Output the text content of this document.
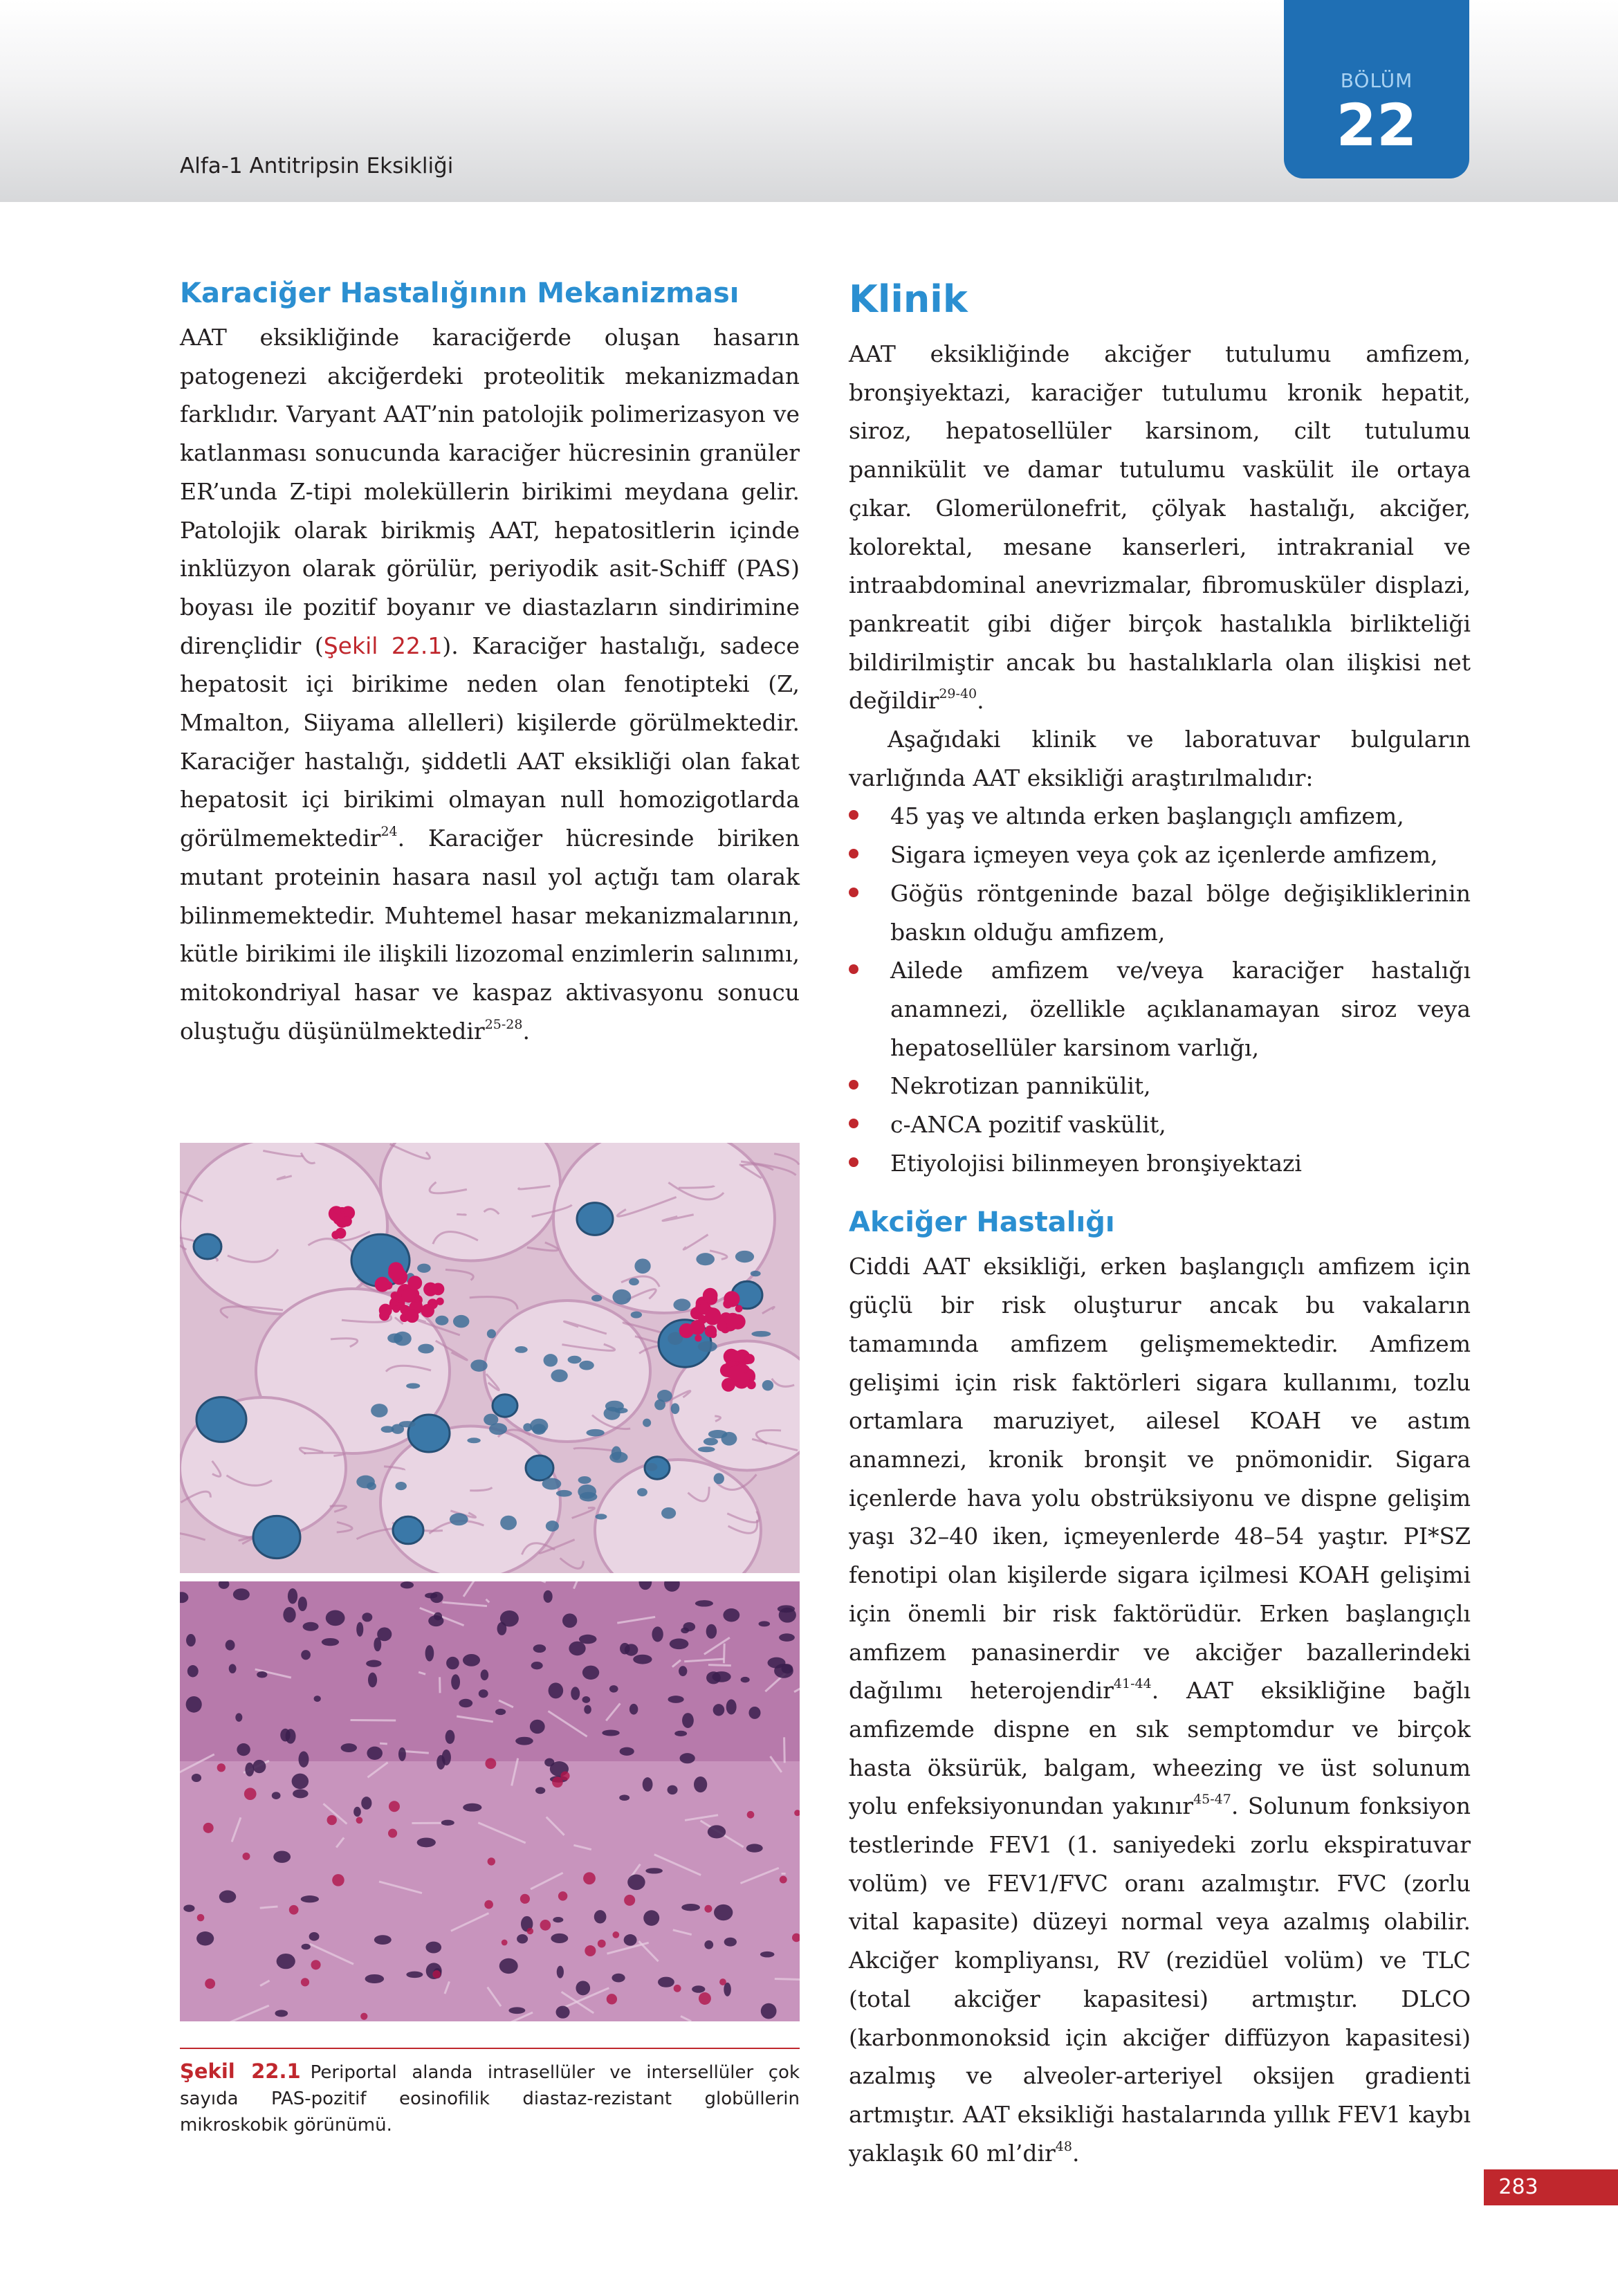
Alfa-1 Antitripsin Eksikliği
BÖLÜM
22
Karaciğer Hastalığının Mekanizması

AAT eksikliğinde karaciğerde oluşan hasarın patogenezi akciğerdeki proteolitik mekanizmadan farklıdır. Varyant AAT’nin patolojik polimerizasyon ve katlanması sonucunda karaciğer hücresinin granüler ER’unda Z-tipi moleküllerin birikimi meydana gelir. Patolojik olarak birikmiş AAT, hepatositlerin içinde inklüzyon olarak görülür, periyodik asit-Schiff (PAS) boyası ile pozitif boyanır ve diastazların sindirimine dirençlidir (Şekil 22.1). Karaciğer hastalığı, sadece hepatosit içi birikime neden olan fenotipteki (Z, Mmalton, Siiyama allelleri) kişilerde görülmektedir. Karaciğer hastalığı, şiddetli AAT eksikliği olan fakat hepatosit içi birikimi olmayan null homozigotlarda görülmemektedir$^{24}$. Karaciğer hücresinde biriken mutant proteinin hasara nasıl yol açtığı tam olarak bilinmemektedir. Muhtemel hasar mekanizmalarının, kütle birikimi ile ilişkili lizozomal enzimlerin salınımı, mitokondriyal hasar ve kaspaz aktivasyonu sonucu oluştuğu düşünülmektedir$^{25-28}$.

Şekil 22.1 Periportal alanda intrasellüler ve intersellüler çok sayıda PAS-pozitif eosinofilik diastaz-rezistant globüllerin mikroskobik görünümü.
Klinik

AAT eksikliğinde akciğer tutulumu amfizem, bronşiyektazi, karaciğer tutulumu kronik hepatit, siroz, hepatosellüler karsinom, cilt tutulumu pannikülit ve damar tutulumu vaskülit ile ortaya çıkar. Glomerülonefrit, çölyak hastalığı, akciğer, kolorektal, mesane kanserleri, intrakranial ve intraabdominal anevrizmalar, fibromusküler displazi, pankreatit gibi diğer birçok hastalıkla birlikteliği bildirilmiştir ancak bu hastalıklarla olan ilişkisi net değildir$^{29-40}$.

Aşağıdaki klinik ve laboratuvar bulguların varlığında AAT eksikliği araştırılmalıdır:

45 yaş ve altında erken başlangıçlı amfizem,
Sigara içmeyen veya çok az içenlerde amfizem,
Göğüs röntgeninde bazal bölge değişikliklerinin baskın olduğu amfizem,
Ailede amfizem ve/veya karaciğer hastalığı anamnezi, özellikle açıklanamayan siroz veya hepatosellüler karsinom varlığı,
Nekrotizan pannikülit,
c-ANCA pozitif vaskülit,
Etiyolojisi bilinmeyen bronşiyektazi
Akciğer Hastalığı

Ciddi AAT eksikliği, erken başlangıçlı amfizem için güçlü bir risk oluşturur ancak bu vakaların tamamında amfizem gelişmemektedir. Amfizem gelişimi için risk faktörleri sigara kullanımı, tozlu ortamlara maruziyet, ailesel KOAH ve astım anamnezi, kronik bronşit ve pnömonidir. Sigara içenlerde hava yolu obstrüksiyonu ve dispne gelişim yaşı 32–40 iken, içmeyenlerde 48–54 yaştır. PI*SZ fenotipi olan kişilerde sigara içilmesi KOAH gelişimi için önemli bir risk faktörüdür. Erken başlangıçlı amfizem panasinerdir ve akciğer bazallerindeki dağılımı heterojendir$^{41-44}$. AAT eksikliğine bağlı amfizemde dispne en sık semptomdur ve birçok hasta öksürük, balgam, wheezing ve üst solunum yolu enfeksiyonundan yakınır$^{45-47}$. Solunum fonksiyon testlerinde FEV1 (1. saniyedeki zorlu ekspiratuvar volüm) ve FEV1/FVC oranı azalmıştır. FVC (zorlu vital kapasite) düzeyi normal veya azalmış olabilir. Akciğer kompliyansı, RV (rezidüel volüm) ve TLC (total akciğer kapasitesi) artmıştır. DLCO (karbonmonoksid için akciğer diffüzyon kapasitesi) azalmış ve alveoler-arteriyel oksijen gradienti artmıştır. AAT eksikliği hastalarında yıllık FEV1 kaybı yaklaşık 60 ml’dir$^{48}$.

283
